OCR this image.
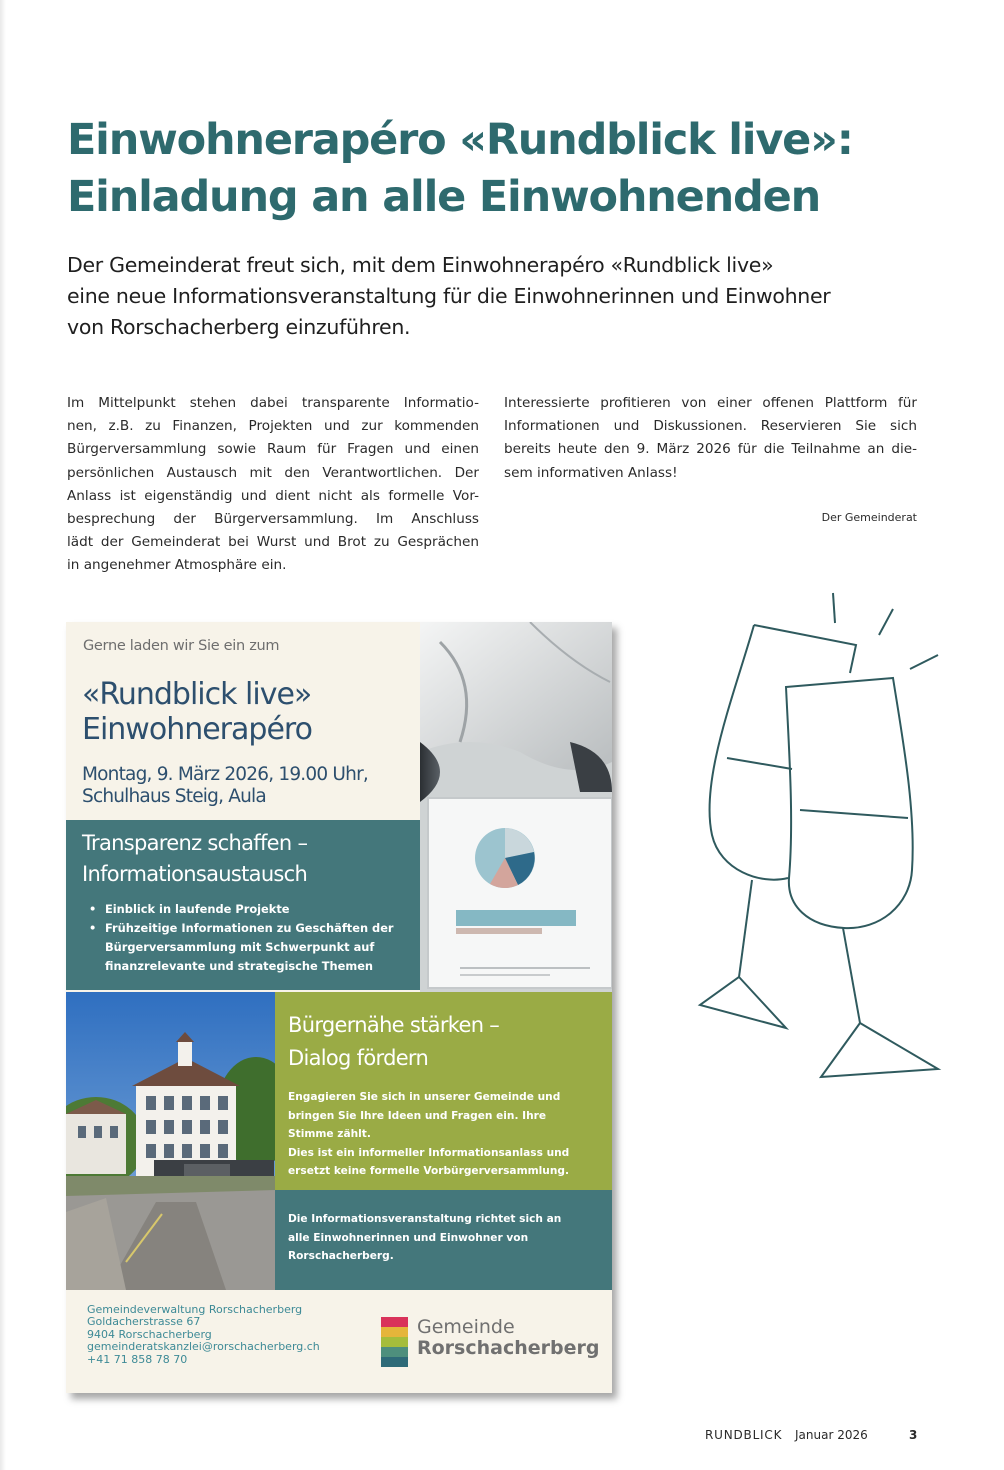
Einwohnerapéro «Rundblick live»:
Einladung an alle Einwohnenden

Der Gemeinderat freut sich, mit dem Einwohnerapéro «Rundblick live»
eine neue Informationsveranstaltung für die Einwohnerinnen und Einwohner
von Rorschacherberg einzuführen.

Im Mittelpunkt stehen dabei transparente Informatio-
nen, z.B. zu Finanzen, Projekten und zur kommenden
Bürgerversammlung sowie Raum für Fragen und einen
persönlichen Austausch mit den Verantwortlichen. Der
Anlass ist eigenständig und dient nicht als formelle Vor-
besprechung der Bürgerversammlung. Im Anschluss
lädt der Gemeinderat bei Wurst und Brot zu Gesprächen
in angenehmer Atmosphäre ein.

Interessierte profitieren von einer offenen Plattform für
Informationen und Diskussionen. Reservieren Sie sich
bereits heute den 9. März 2026 für die Teilnahme an die-
sem informativen Anlass!

Der Gemeinderat
Gerne laden wir Sie ein zum
«Rundblick live»
Einwohnerapéro
Montag, 9. März 2026, 19.00 Uhr,
Schulhaus Steig, Aula
Transparenz schaffen –
Informationsaustausch
• Einblick in laufende Projekte
• Frühzeitige Informationen zu Geschäften der
Bürgerversammlung mit Schwerpunkt auf
finanzrelevante und strategische Themen
Bürgernähe stärken –
Dialog fördern
Engagieren Sie sich in unserer Gemeinde und
bringen Sie Ihre Ideen und Fragen ein. Ihre
Stimme zählt.
Dies ist ein informeller Informationsanlass und
ersetzt keine formelle Vorbürgerversammlung.
Die Informationsveranstaltung richtet sich an
alle Einwohnerinnen und Einwohner von
Rorschacherberg.
Gemeindeverwaltung Rorschacherberg
Goldacherstrasse 67
9404 Rorschacherberg
gemeinderatskanzlei@rorschacherberg.ch
+41 71 858 78 70
Gemeinde
Rorschacherberg
RUNDBLICK Januar 2026	3
